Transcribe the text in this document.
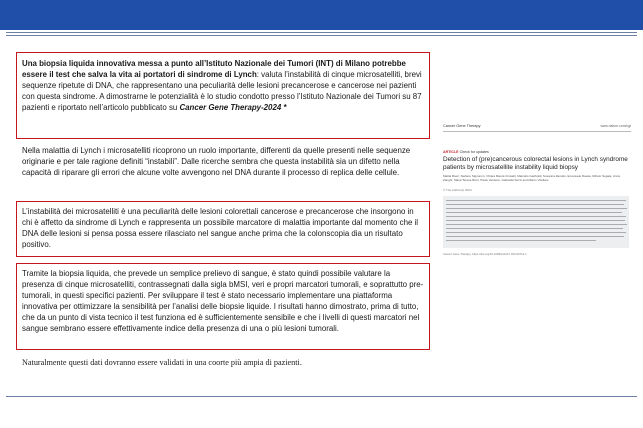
Una biopsia liquida innovativa messa a punto all’Istituto Nazionale dei Tumori (INT) di Milano potrebbe essere il test che salva la vita ai portatori di sindrome di Lynch: valuta l’instabilità di cinque microsatelliti, brevi sequenze ripetute di DNA, che rappresentano una peculiarità delle lesioni precancerose e cancerose nei pazienti con questa sindrome. A dimostrarne le potenzialità è lo studio condotto presso l’Istituto Nazionale dei Tumori su 87 pazienti e riportato nell’articolo pubblicato su Cancer Gene Therapy-2024 *

Nella malattia di Lynch i microsatelliti ricoprono un ruolo importante, differenti da quelle presenti nelle sequenze originarie e per tale ragione definiti “instabili”. Dalle ricerche sembra che questa instabilità sia un difetto nella capacità di riparare gli errori che alcune volte avvengono nel DNA durante il processo di replica delle cellule.

L’instabilità dei microsatelliti è una peculiarità delle lesioni colorettali cancerose e precancerose che insorgono in chi è affetto da sindrome di Lynch e rappresenta un possibile marcatore di malattia importante dal momento che il DNA delle lesioni si pensa possa essere rilasciato nel sangue anche prima che la colonscopia dia un risultato positivo.

Tramite la biopsia liquida, che prevede un semplice prelievo di sangue, è stato quindi possibile valutare la presenza di cinque microsatelliti, contrassegnati dalla sigla bMSI, veri e propri marcatori tumorali, e soprattutto pre-tumorali, in questi specifici pazienti. Per sviluppare il test è stato necessario implementare una piattaforma innovativa per ottimizzare la sensibilità per l’analisi delle biopsie liquide. I risultati hanno dimostrato, prima di tutto, che da un punto di vista tecnico il test funziona ed è sufficientemente sensibile e che i livelli di questi marcatori nel sangue sembrano essere effettivamente indice della presenza di una o più lesioni tumorali.

Naturalmente questi dati dovranno essere validati in una coorte più ampia di pazienti.

Cancer Gene Therapy	www.nature.com/cgt
ARTICLE Check for updates
Detection of (pre)cancerous colorectal lesions in Lynch syndrome patients by microsatellite instability liquid biopsy
Mattia Boeri, Stefano Signoroni, Chiara Maura Ciniselli, Marcello Gariboldi, Susanna Zanutto, Emanuele Rausa, Miriam Segale, Anna Zanghì, Maria Teresa Ricci, Paolo Verderio, Gabriella Sozzi and Marco Vitellaro
© The Author(s) 2024
Cancer Gene Therapy; https://doi.org/10.1038/s41417-023-00712-x
